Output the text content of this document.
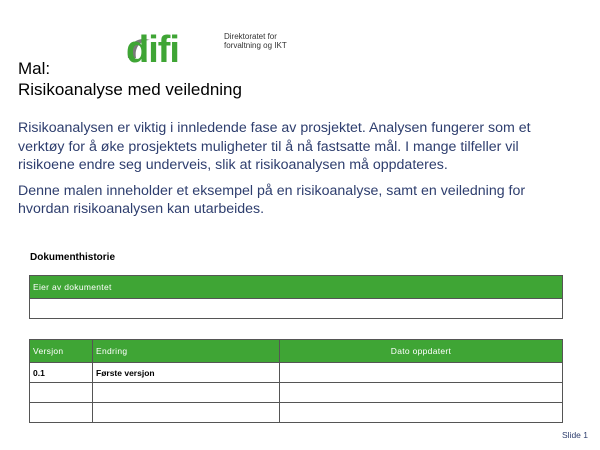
difi	Direktoratet for
forvaltning og IKT
Mal:
Risikoanalyse med veiledning

Risikoanalysen er viktig i innledende fase av prosjektet. Analysen fungerer som et verktøy for å øke prosjektets muligheter til å nå fastsatte mål. I mange tilfeller vil risikoene endre seg underveis, slik at risikoanalysen må oppdateres.

Denne malen inneholder et eksempel på en risikoanalyse, samt en veiledning for hvordan risikoanalysen kan utarbeides.

Dokumenthistorie
Eier av dokumentet

Versjon	Endring	Dato oppdatert
0.1	Første versjon	

Slide 1
